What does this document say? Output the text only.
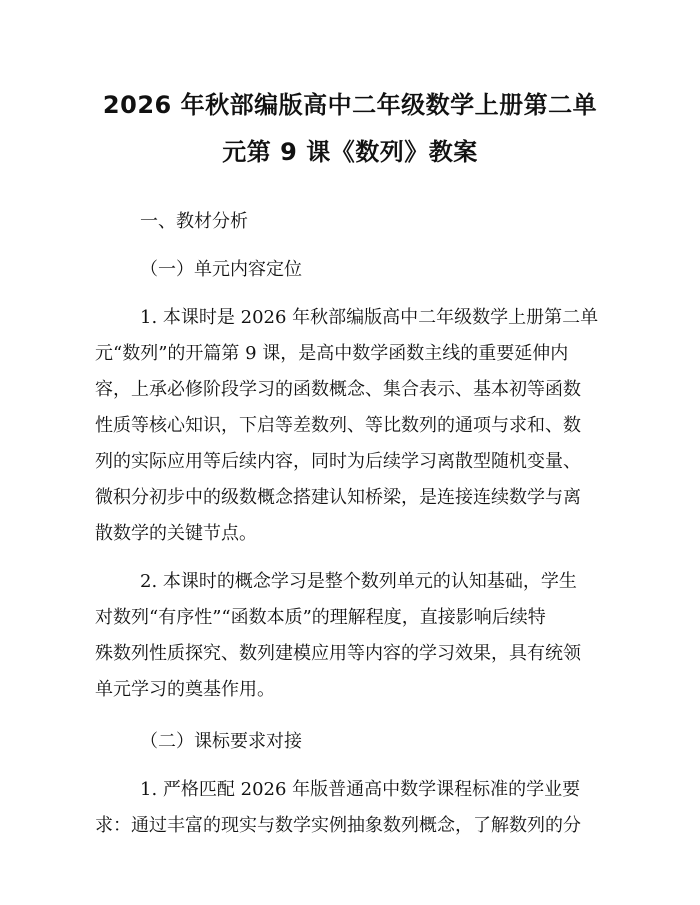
2026 年秋部编版高中二年级数学上册第二单
元第 9 课《数列》教案

一、教材分析

（一）单元内容定位

1. 本课时是 2026 年秋部编版高中二年级数学上册第二单
元“数列”的开篇第 9 课，是高中数学函数主线的重要延伸内
容，上承必修阶段学习的函数概念、集合表示、基本初等函数
性质等核心知识，下启等差数列、等比数列的通项与求和、数
列的实际应用等后续内容，同时为后续学习离散型随机变量、
微积分初步中的级数概念搭建认知桥梁，是连接连续数学与离
散数学的关键节点。

2. 本课时的概念学习是整个数列单元的认知基础，学生
对数列“有序性”“函数本质”的理解程度，直接影响后续特
殊数列性质探究、数列建模应用等内容的学习效果，具有统领
单元学习的奠基作用。

（二）课标要求对接

1. 严格匹配 2026 年版普通高中数学课程标准的学业要
求：通过丰富的现实与数学实例抽象数列概念，了解数列的分
